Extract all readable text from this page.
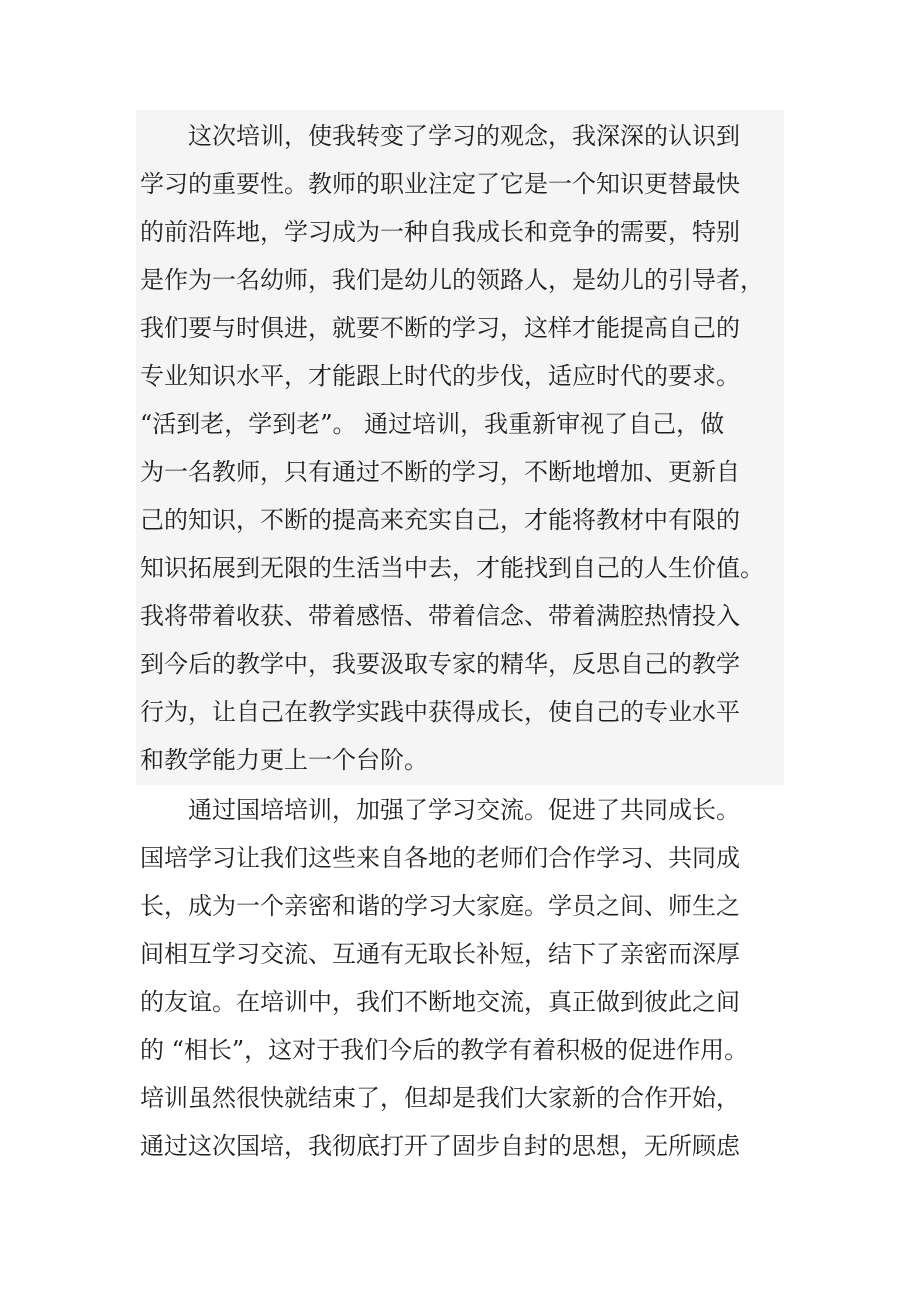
　　这次培训，使我转变了学习的观念，我深深的认识到
学习的重要性。教师的职业注定了它是一个知识更替最快
的前沿阵地，学习成为一种自我成长和竞争的需要，特别
是作为一名幼师，我们是幼儿的领路人，是幼儿的引导者，
我们要与时俱进，就要不断的学习，这样才能提高自己的
专业知识水平，才能跟上时代的步伐，适应时代的要求。
“活到老，学到老”。 通过培训，我重新审视了自己，做
为一名教师，只有通过不断的学习，不断地增加、更新自
己的知识，不断的提高来充实自己，才能将教材中有限的
知识拓展到无限的生活当中去，才能找到自己的人生价值。
我将带着收获、带着感悟、带着信念、带着满腔热情投入
到今后的教学中，我要汲取专家的精华，反思自己的教学
行为，让自己在教学实践中获得成长，使自己的专业水平
和教学能力更上一个台阶。
　　通过国培培训，加强了学习交流。促进了共同成长。
国培学习让我们这些来自各地的老师们合作学习、共同成
长，成为一个亲密和谐的学习大家庭。学员之间、师生之
间相互学习交流、互通有无取长补短，结下了亲密而深厚
的友谊。在培训中，我们不断地交流，真正做到彼此之间
的 “相长”，这对于我们今后的教学有着积极的促进作用。
培训虽然很快就结束了，但却是我们大家新的合作开始，
通过这次国培，我彻底打开了固步自封的思想，无所顾虑
